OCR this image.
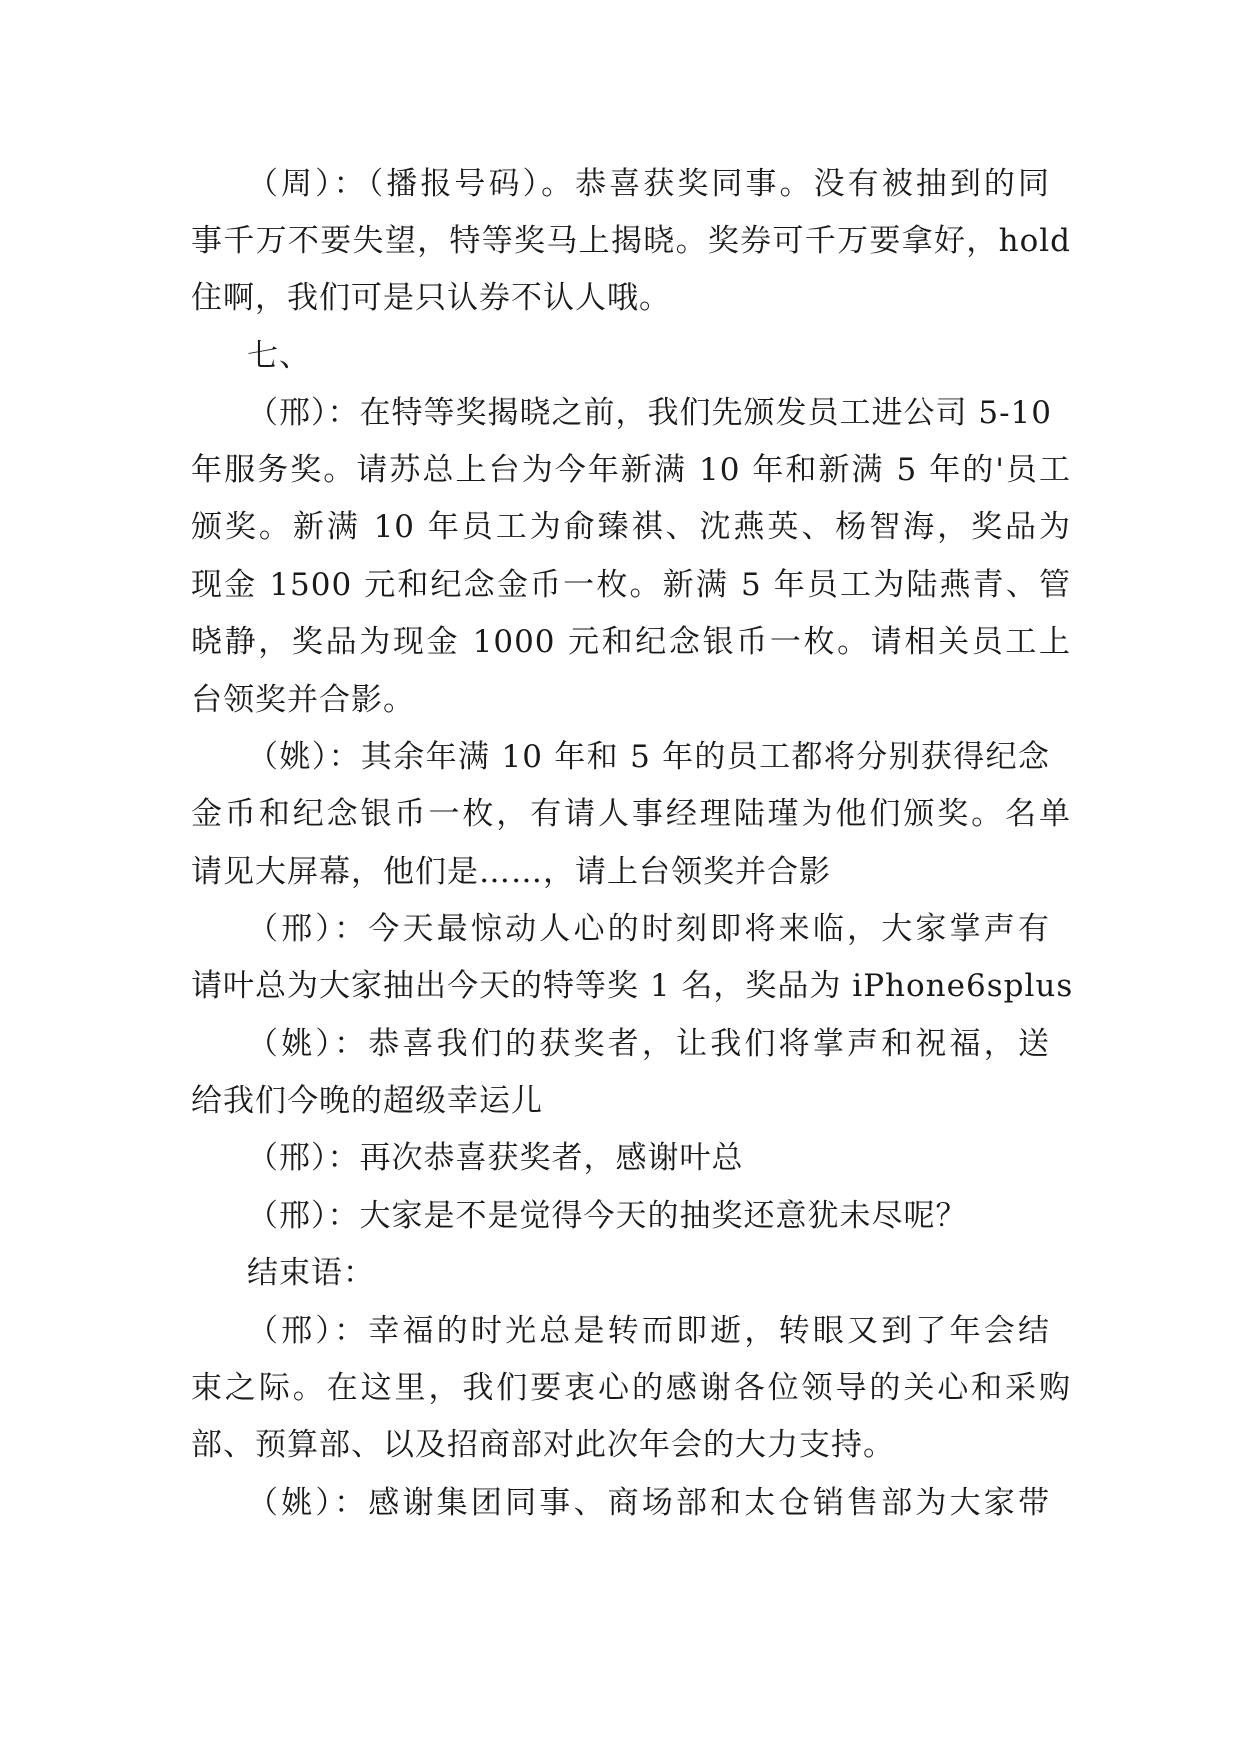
（周）：（播报号码）。恭喜获奖同事。没有被抽到的同
事千万不要失望，特等奖马上揭晓。奖券可千万要拿好，hold
住啊，我们可是只认券不认人哦。
七、
（邢）：在特等奖揭晓之前，我们先颁发员工进公司 5-10
年服务奖。请苏总上台为今年新满 10 年和新满 5 年的'员工
颁奖。新满 10 年员工为俞臻祺、沈燕英、杨智海，奖品为
现金 1500 元和纪念金币一枚。新满 5 年员工为陆燕青、管
晓静，奖品为现金 1000 元和纪念银币一枚。请相关员工上
台领奖并合影。
（姚）：其余年满 10 年和 5 年的员工都将分别获得纪念
金币和纪念银币一枚，有请人事经理陆瑾为他们颁奖。名单
请见大屏幕，他们是……，请上台领奖并合影
（邢）：今天最惊动人心的时刻即将来临，大家掌声有
请叶总为大家抽出今天的特等奖 1 名，奖品为 iPhone6splus
（姚）：恭喜我们的获奖者，让我们将掌声和祝福，送
给我们今晚的超级幸运儿
（邢）：再次恭喜获奖者，感谢叶总
（邢）：大家是不是觉得今天的抽奖还意犹未尽呢？
结束语：
（邢）：幸福的时光总是转而即逝，转眼又到了年会结
束之际。在这里，我们要衷心的感谢各位领导的关心和采购
部、预算部、以及招商部对此次年会的大力支持。
（姚）：感谢集团同事、商场部和太仓销售部为大家带
